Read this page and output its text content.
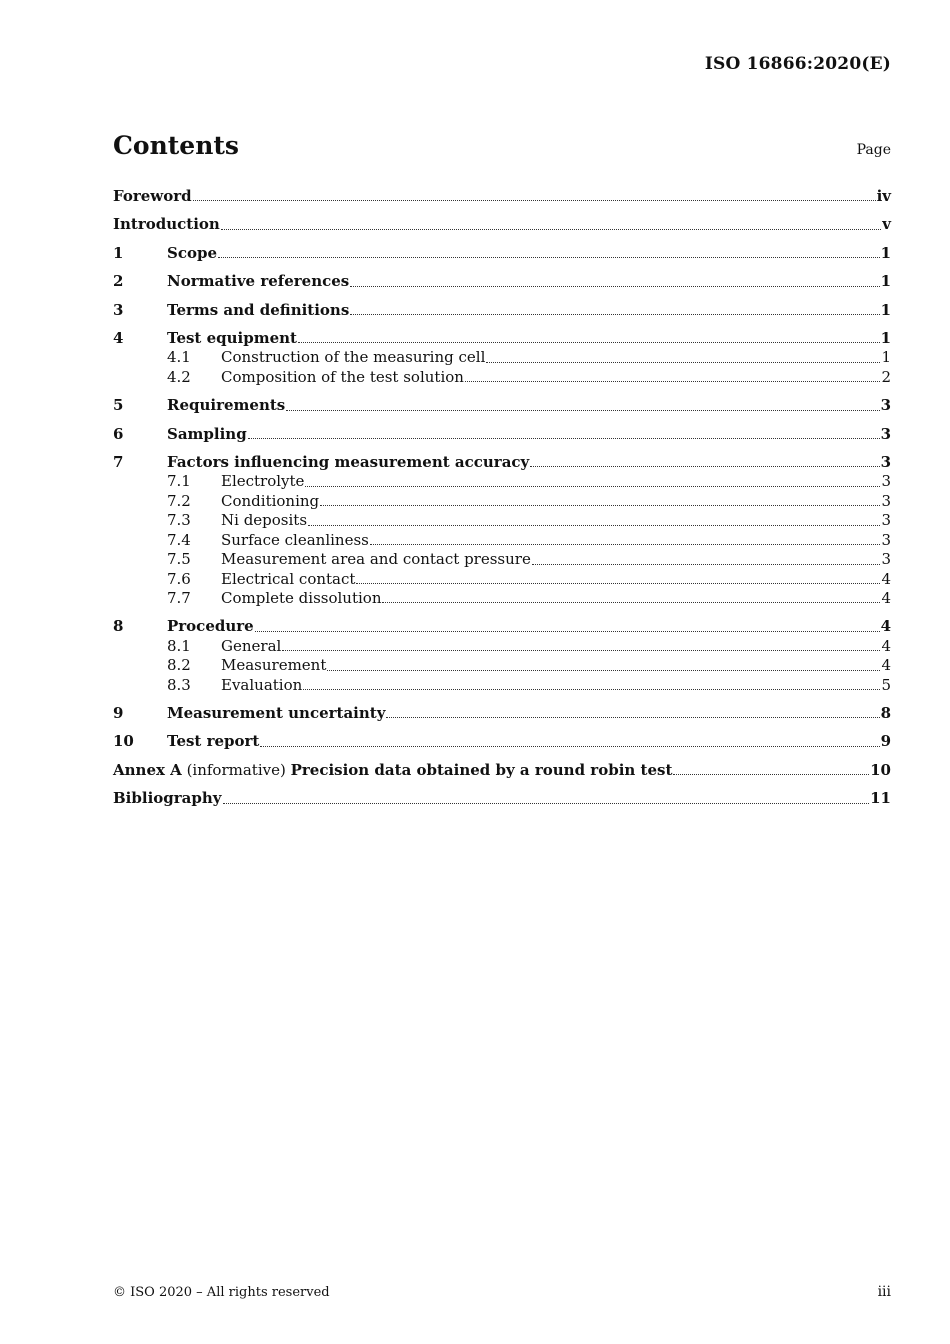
ISO 16866:2020(E)
Contents	Page
Foreword	iv
Introduction	v
1	Scope	1
2	Normative references	1
3	Terms and definitions	1
4	Test equipment	1
4.1	Construction of the measuring cell	1
4.2	Composition of the test solution	2
5	Requirements	3
6	Sampling	3
7	Factors influencing measurement accuracy	3
7.1	Electrolyte	3
7.2	Conditioning	3
7.3	Ni deposits	3
7.4	Surface cleanliness	3
7.5	Measurement area and contact pressure	3
7.6	Electrical contact	4
7.7	Complete dissolution	4
8	Procedure	4
8.1	General	4
8.2	Measurement	4
8.3	Evaluation	5
9	Measurement uncertainty	8
10	Test report	9
Annex A (informative) Precision data obtained by a round robin test	10
Bibliography	11
© ISO 2020 – All rights reserved	iii
